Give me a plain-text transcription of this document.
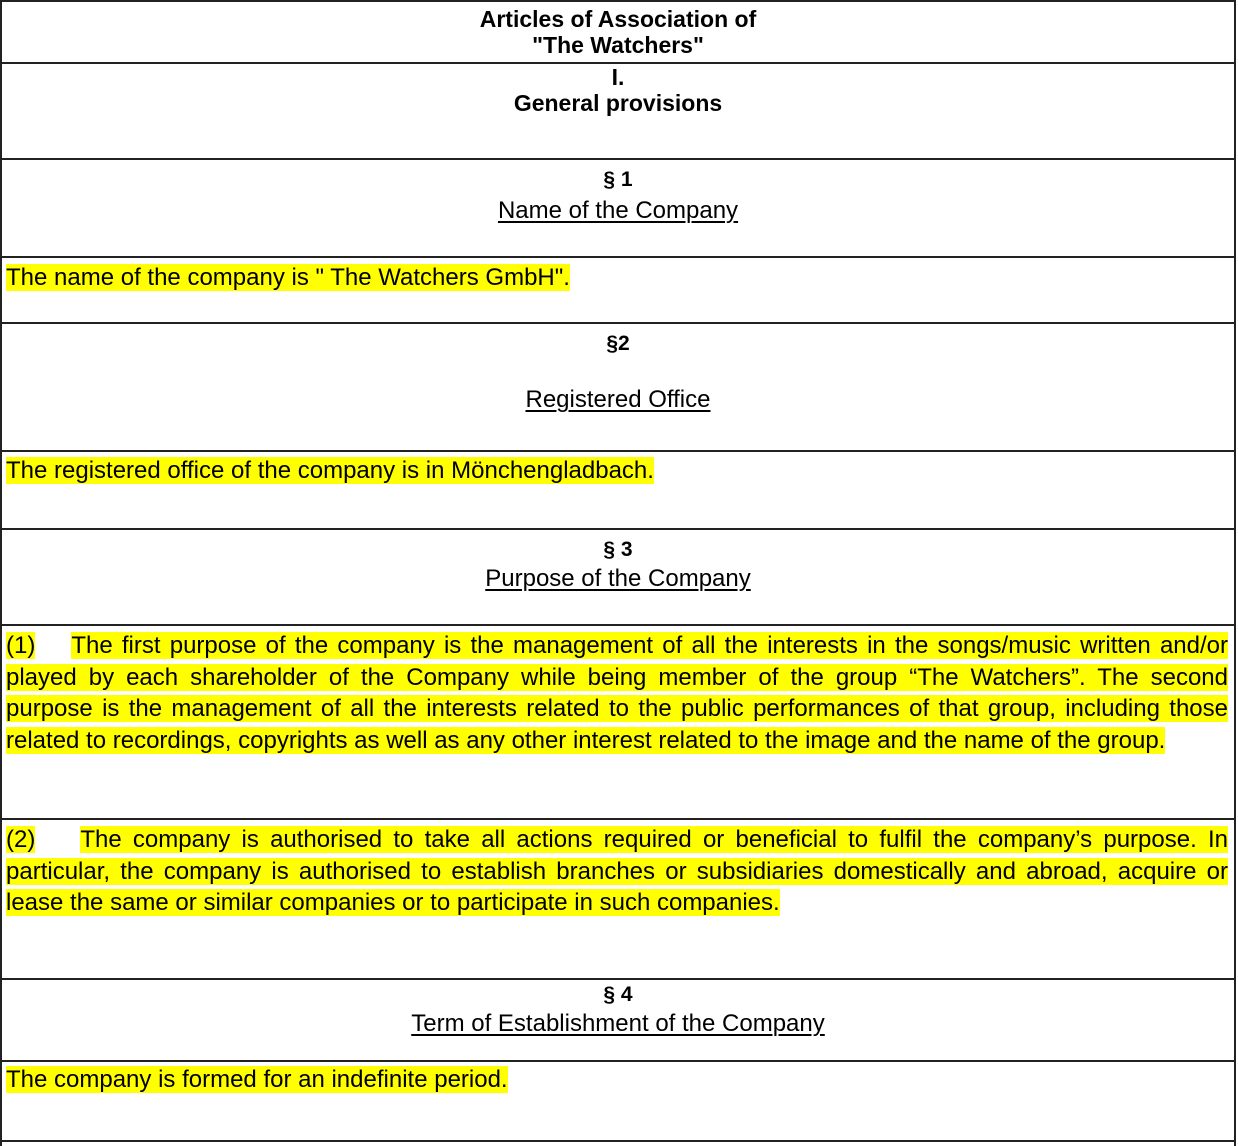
Articles of Association of
"The Watchers"
I.
General provisions
§ 1
Name of the Company
The name of the company is " The Watchers GmbH".
§2
Registered Office
The registered office of the company is in Mönchengladbach.
§ 3
Purpose of the Company
(1) The first purpose of the company is the management of all the interests in the songs/music written and/or played by each shareholder of the Company while being member of the group “The Watchers”. The second purpose is the management of all the interests related to the public performances of that group, including those related to recordings, copyrights as well as any other interest related to the image and the name of the group.
(2) The company is authorised to take all actions required or beneficial to fulfil the company’s purpose. In particular, the company is authorised to establish branches or subsidiaries domestically and abroad, acquire or lease the same or similar companies or to participate in such companies.
§ 4
Term of Establishment of the Company
The company is formed for an indefinite period.
